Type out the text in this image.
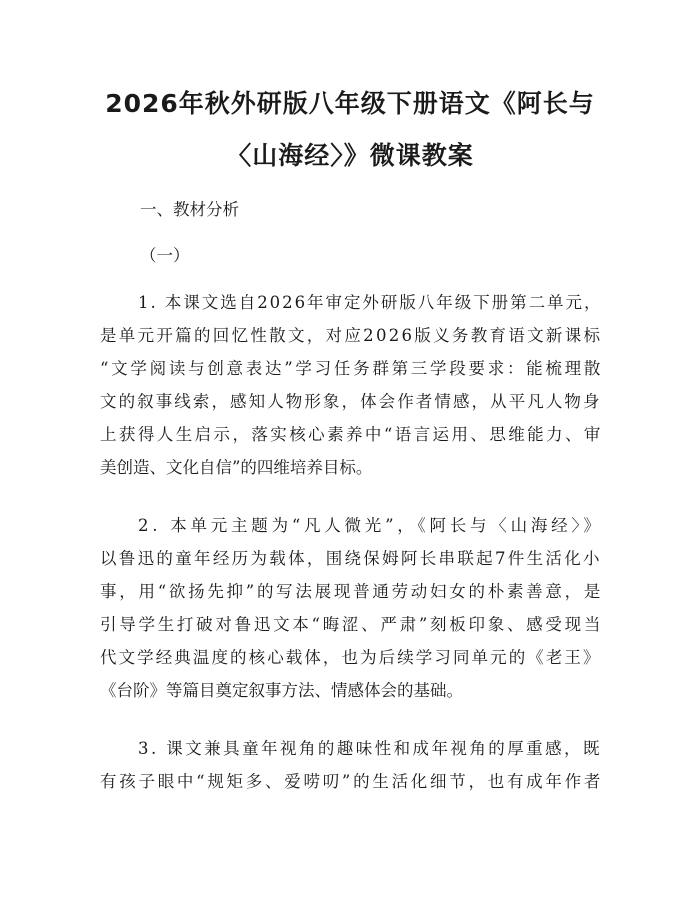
2026年秋外研版八年级下册语文《阿长与
〈山海经〉》微课教案
一、教材分析
（一）
1. 本课文选自2026年审定外研版八年级下册第二单元，
是单元开篇的回忆性散文，对应2026版义务教育语文新课标
“文学阅读与创意表达”学习任务群第三学段要求：能梳理散
文的叙事线索，感知人物形象，体会作者情感，从平凡人物身
上获得人生启示，落实核心素养中“语言运用、思维能力、审
美创造、文化自信”的四维培养目标。
2. 本单元主题为“凡人微光”，《阿长与〈山海经〉》
以鲁迅的童年经历为载体，围绕保姆阿长串联起7件生活化小
事，用“欲扬先抑”的写法展现普通劳动妇女的朴素善意，是
引导学生打破对鲁迅文本“晦涩、严肃”刻板印象、感受现当
代文学经典温度的核心载体，也为后续学习同单元的《老王》
《台阶》等篇目奠定叙事方法、情感体会的基础。
3. 课文兼具童年视角的趣味性和成年视角的厚重感，既
有孩子眼中“规矩多、爱唠叨”的生活化细节，也有成年作者
